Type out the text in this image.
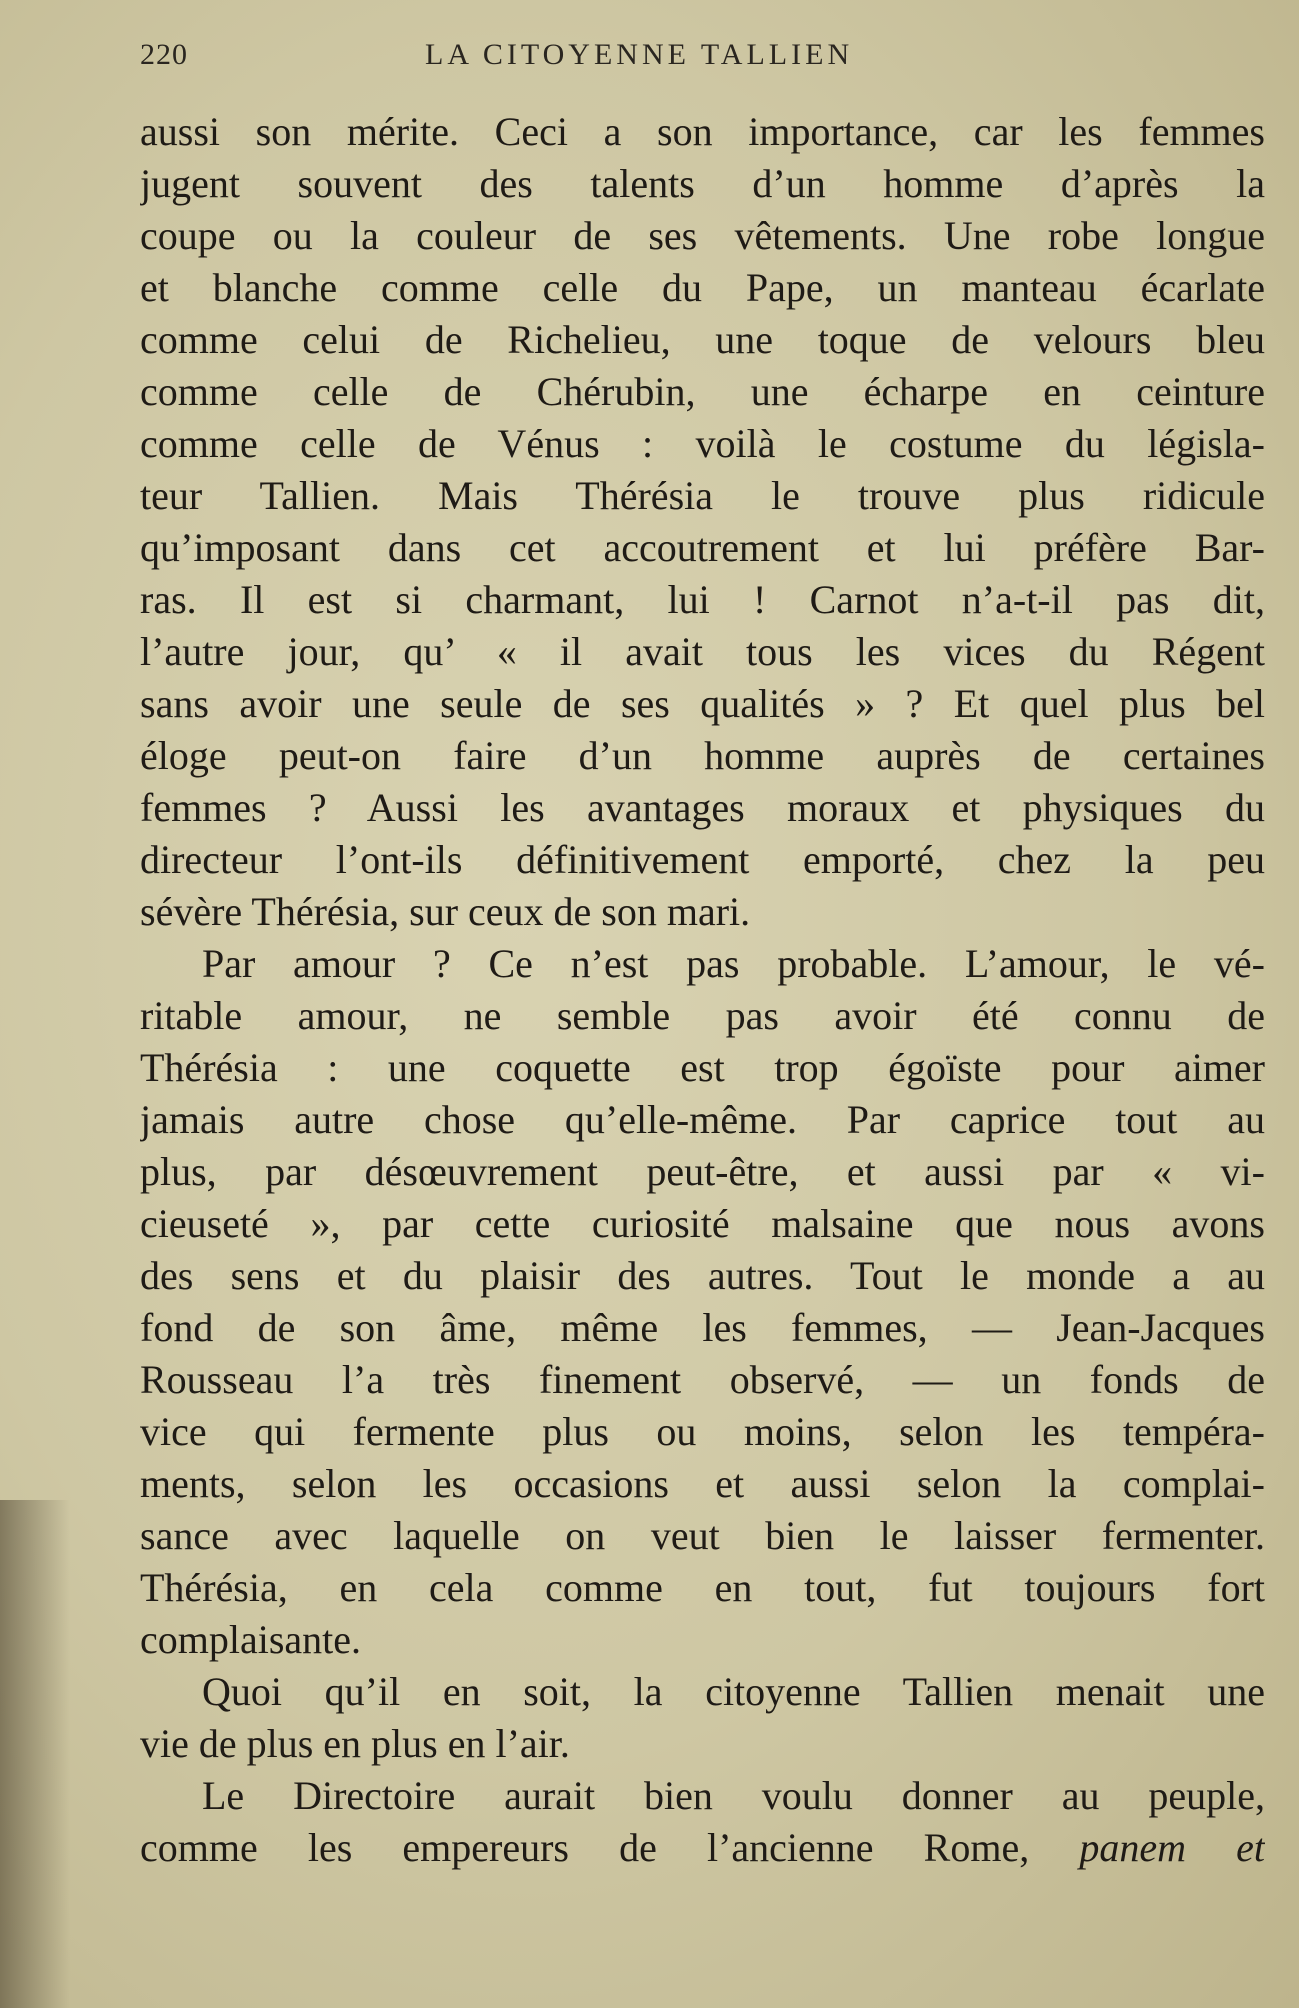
220	LA CITOYENNE TALLIEN
aussi son mérite. Ceci a son importance, car les femmes
jugent souvent des talents d’un homme d’après la
coupe ou la couleur de ses vêtements. Une robe longue
et blanche comme celle du Pape, un manteau écarlate
comme celui de Richelieu, une toque de velours bleu
comme celle de Chérubin, une écharpe en ceinture
comme celle de Vénus : voilà le costume du législa-
teur Tallien. Mais Thérésia le trouve plus ridicule
qu’imposant dans cet accoutrement et lui préfère Bar-
ras. Il est si charmant, lui ! Carnot n’a-t-il pas dit,
l’autre jour, qu’ « il avait tous les vices du Régent
sans avoir une seule de ses qualités » ? Et quel plus bel
éloge peut-on faire d’un homme auprès de certaines
femmes ? Aussi les avantages moraux et physiques du
directeur l’ont-ils définitivement emporté, chez la peu
sévère Thérésia, sur ceux de son mari.
Par amour ? Ce n’est pas probable. L’amour, le vé-
ritable amour, ne semble pas avoir été connu de
Thérésia : une coquette est trop égoïste pour aimer
jamais autre chose qu’elle-même. Par caprice tout au
plus, par désœuvrement peut-être, et aussi par « vi-
cieuseté », par cette curiosité malsaine que nous avons
des sens et du plaisir des autres. Tout le monde a au
fond de son âme, même les femmes, — Jean-Jacques
Rousseau l’a très finement observé, — un fonds de
vice qui fermente plus ou moins, selon les tempéra-
ments, selon les occasions et aussi selon la complai-
sance avec laquelle on veut bien le laisser fermenter.
Thérésia, en cela comme en tout, fut toujours fort
complaisante.
Quoi qu’il en soit, la citoyenne Tallien menait une
vie de plus en plus en l’air.
Le Directoire aurait bien voulu donner au peuple,
comme les empereurs de l’ancienne Rome, panem et
